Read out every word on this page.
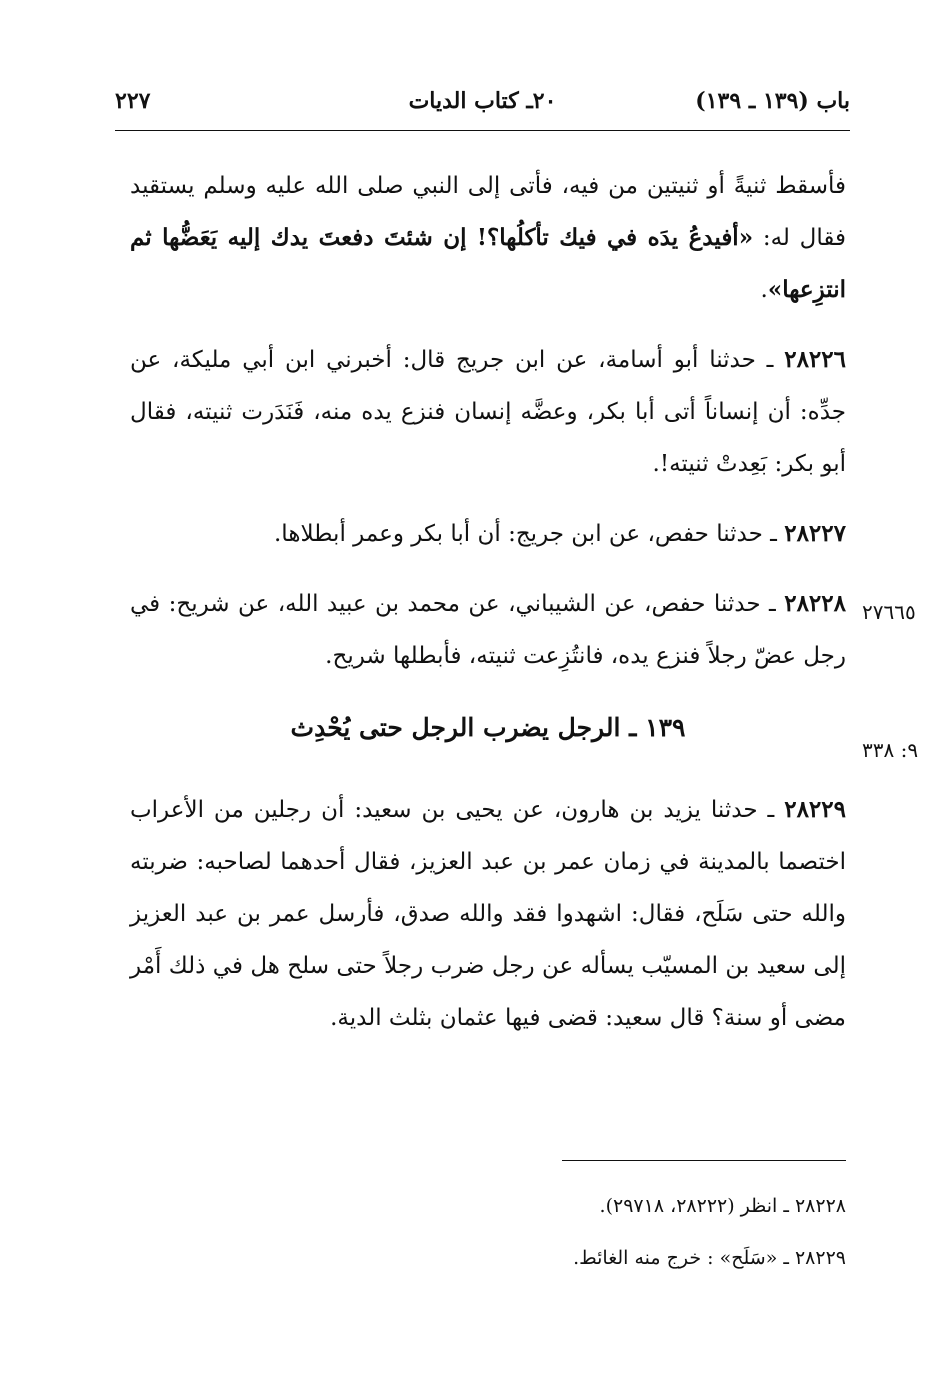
٢٢٧	٢٠ـ كتاب الديات	باب (١٣٩ ـ ١٣٩)
٢٧٦٦٥
٩: ٣٣٨

فأسقط ثنيةً أو ثنيتين من فيه، فأتى إلى النبي صلى الله عليه وسلم يستقيد فقال له: «أفيدعُ يدَه في فيك تأكلُها؟! إن شئتَ دفعتَ يدك إليه يَعَضُّها ثم انتزِعها».

٢٨٢٢٦ ـ حدثنا أبو أسامة، عن ابن جريج قال: أخبرني ابن أبي مليكة، عن جدِّه: أن إنساناً أتى أبا بكر، وعضَّه إنسان فنزع يده منه، فَنَدَرت ثنيته، فقال أبو بكر: بَعِدتْ ثنيته!.

٢٨٢٢٧ ـ حدثنا حفص، عن ابن جريج: أن أبا بكر وعمر أبطلاها.

٢٨٢٢٨ ـ حدثنا حفص، عن الشيباني، عن محمد بن عبيد الله، عن شريح: في رجل عضّ رجلاً فنزع يده، فانتُزِعت ثنيته، فأبطلها شريح.

١٣٩ ـ الرجل يضرب الرجل حتى يُحْدِث

٢٨٢٢٩ ـ حدثنا يزيد بن هارون، عن يحيى بن سعيد: أن رجلين من الأعراب اختصما بالمدينة في زمان عمر بن عبد العزيز، فقال أحدهما لصاحبه: ضربته والله حتى سَلَح، فقال: اشهدوا فقد والله صدق، فأرسل عمر بن عبد العزيز إلى سعيد بن المسيّب يسأله عن رجل ضرب رجلاً حتى سلح هل في ذلك أَمْر مضى أو سنة؟ قال سعيد: قضى فيها عثمان بثلث الدية.

٢٨٢٢٨ ـ انظر (٢٨٢٢٢، ٢٩٧١٨).

٢٨٢٢٩ ـ «سَلَح» : خرج منه الغائط.
